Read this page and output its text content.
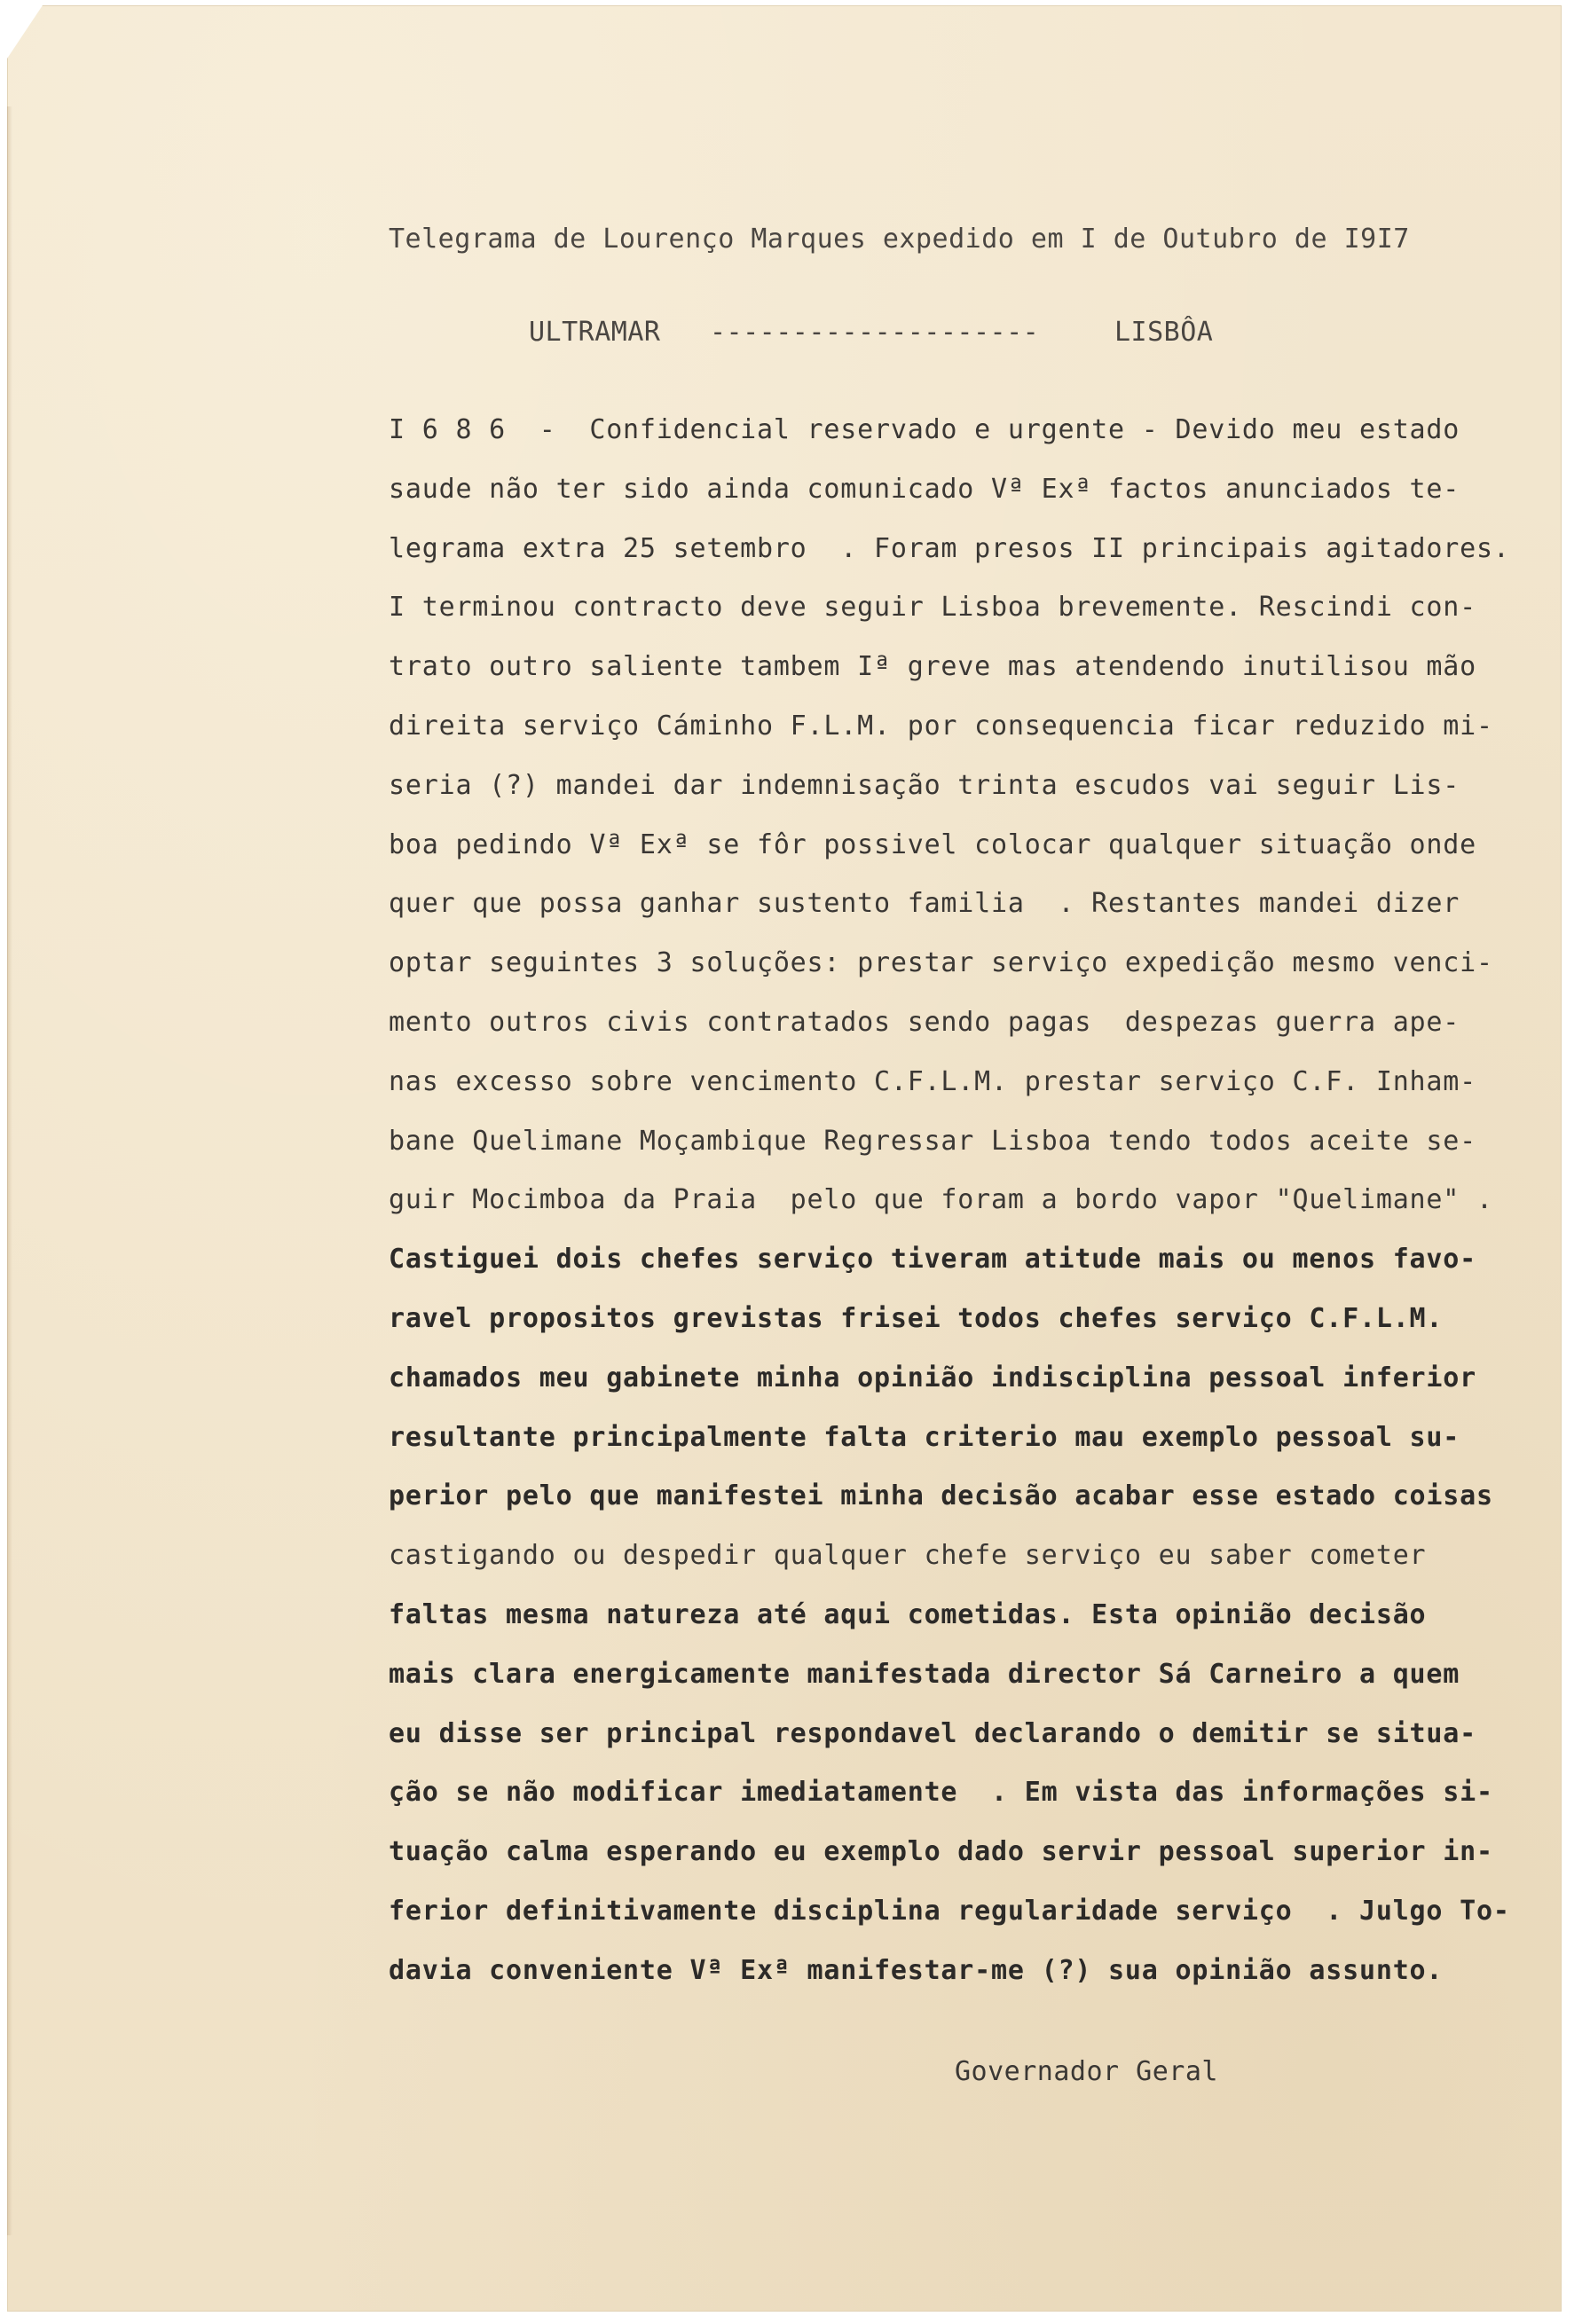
Telegrama de Lourenço Marques expedido em I de Outubro de I9I7
ULTRAMAR --------------------	LISBÔA
I 6 8 6  -  Confidencial reservado e urgente - Devido meu estado
saude não ter sido ainda comunicado Vª Exª factos anunciados te-
legrama extra 25 setembro  . Foram presos II principais agitadores.
I terminou contracto deve seguir Lisboa brevemente. Rescindi con-
trato outro saliente tambem Iª greve mas atendendo inutilisou mão
direita serviço Cáminho F.L.M. por consequencia ficar reduzido mi-
seria (?) mandei dar indemnisação trinta escudos vai seguir Lis-
boa pedindo Vª Exª se fôr possivel colocar qualquer situação onde
quer que possa ganhar sustento familia  . Restantes mandei dizer
optar seguintes 3 soluções: prestar serviço expedição mesmo venci-
mento outros civis contratados sendo pagas  despezas guerra ape-
nas excesso sobre vencimento C.F.L.M. prestar serviço C.F. Inham-
bane Quelimane Moçambique Regressar Lisboa tendo todos aceite se-
guir Mocimboa da Praia  pelo que foram a bordo vapor "Quelimane" .
Castiguei dois chefes serviço tiveram atitude mais ou menos favo-
ravel propositos grevistas frisei todos chefes serviço C.F.L.M.
chamados meu gabinete minha opinião indisciplina pessoal inferior
resultante principalmente falta criterio mau exemplo pessoal su-
perior pelo que manifestei minha decisão acabar esse estado coisas
castigando ou despedir qualquer chefe serviço eu saber cometer
faltas mesma natureza até aqui cometidas. Esta opinião decisão
mais clara energicamente manifestada director Sá Carneiro a quem
eu disse ser principal respondavel declarando o demitir se situa-
ção se não modificar imediatamente  . Em vista das informações si-
tuação calma esperando eu exemplo dado servir pessoal superior in-
ferior definitivamente disciplina regularidade serviço  . Julgo To-
davia conveniente Vª Exª manifestar-me (?) sua opinião assunto.
Governador Geral
